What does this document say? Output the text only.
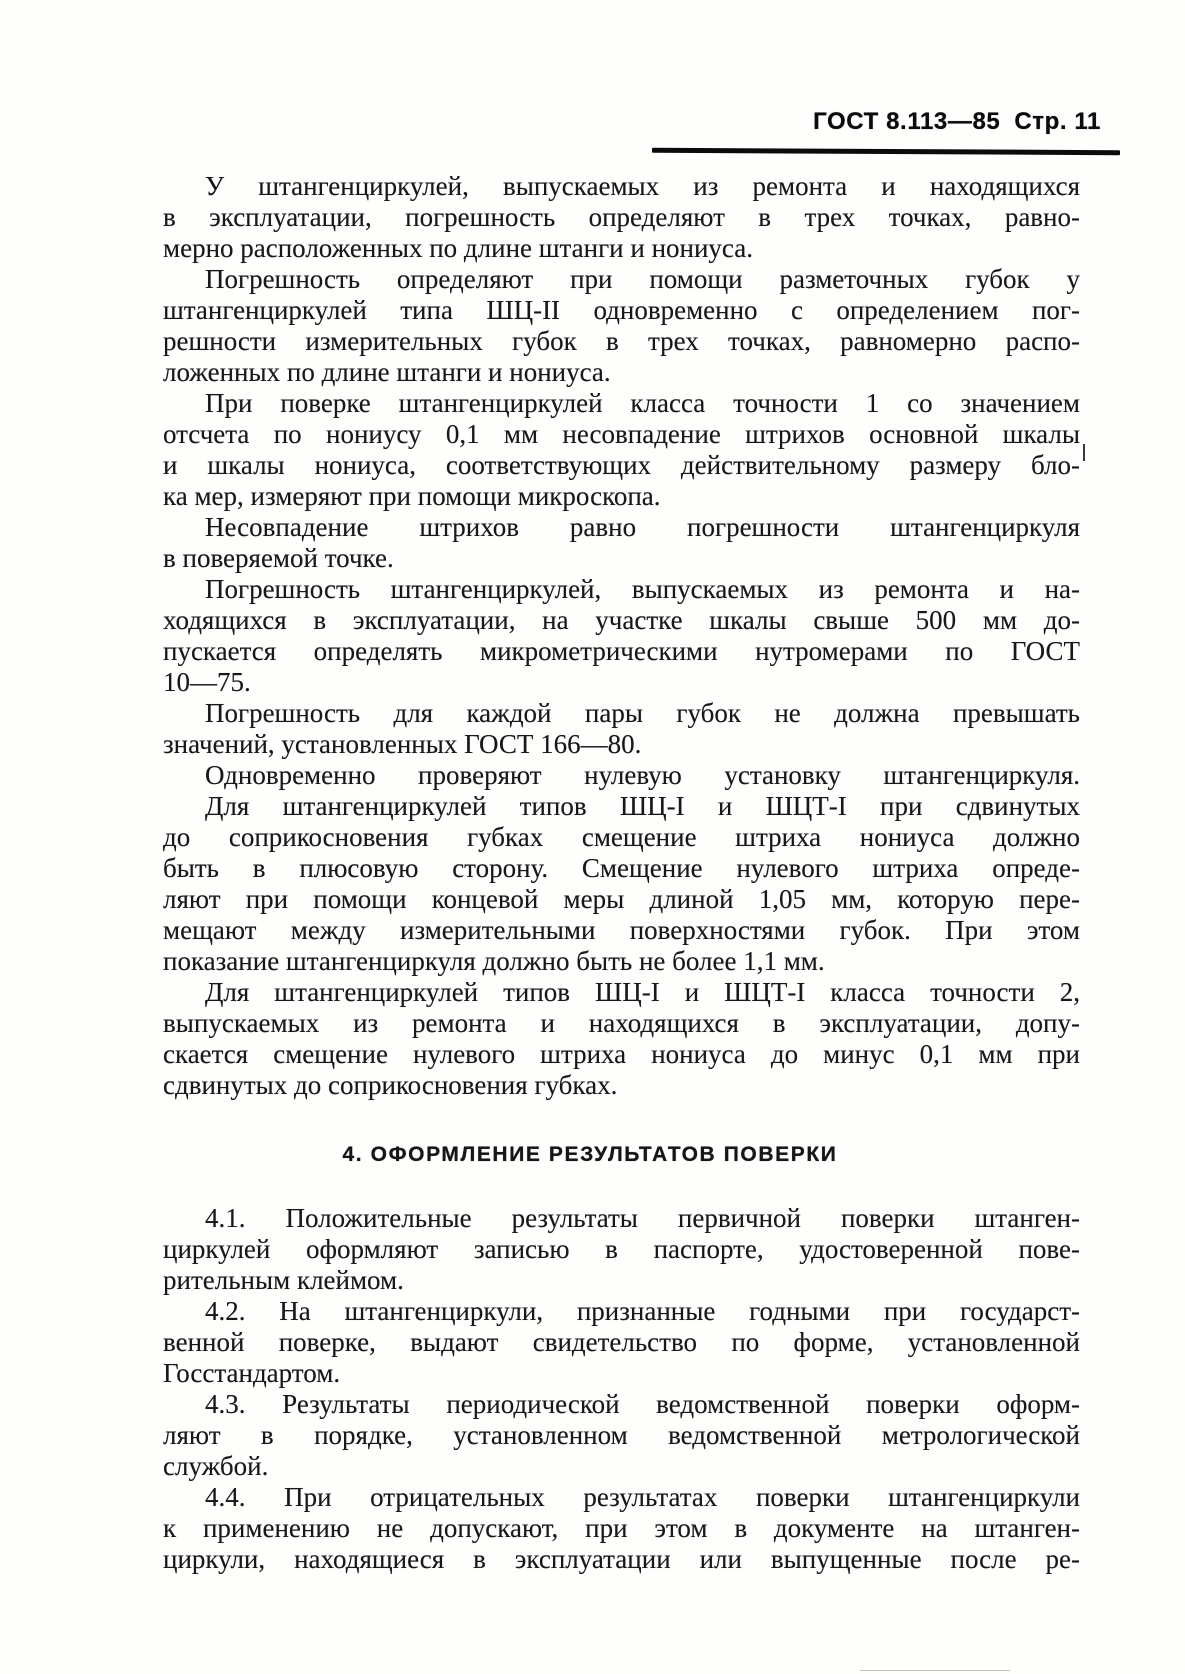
ГОСТ 8.113—85 Стр. 11
У штангенциркулей, выпускаемых из ремонта и находящихся
в эксплуатации, погрешность определяют в трех точках, равно-
мерно расположенных по длине штанги и нониуса.
Погрешность определяют при помощи разметочных губок у
штангенциркулей типа ШЦ-II одновременно с определением пог-
решности измерительных губок в трех точках, равномерно распо-
ложенных по длине штанги и нониуса.
При поверке штангенциркулей класса точности 1 со значением
отсчета по нониусу 0,1 мм несовпадение штрихов основной шкалы
и шкалы нониуса, соответствующих действительному размеру бло-
ка мер, измеряют при помощи микроскопа.
Несовпадение штрихов равно погрешности штангенциркуля
в поверяемой точке.
Погрешность штангенциркулей, выпускаемых из ремонта и на-
ходящихся в эксплуатации, на участке шкалы свыше 500 мм до-
пускается определять микрометрическими нутромерами по ГОСТ
10—75.
Погрешность для каждой пары губок не должна превышать
значений, установленных ГОСТ 166—80.
Одновременно проверяют нулевую установку штангенциркуля.
Для штангенциркулей типов ШЦ-I и ШЦТ-I при сдвинутых
до соприкосновения губках смещение штриха нониуса должно
быть в плюсовую сторону. Смещение нулевого штриха опреде-
ляют при помощи концевой меры длиной 1,05 мм, которую пере-
мещают между измерительными поверхностями губок. При этом
показание штангенциркуля должно быть не более 1,1 мм.
Для штангенциркулей типов ШЦ-I и ШЦТ-I класса точности 2,
выпускаемых из ремонта и находящихся в эксплуатации, допу-
скается смещение нулевого штриха нониуса до минус 0,1 мм при
сдвинутых до соприкосновения губках.
4. ОФОРМЛЕНИЕ РЕЗУЛЬТАТОВ ПОВЕРКИ
4.1. Положительные результаты первичной поверки штанген-
циркулей оформляют записью в паспорте, удостоверенной пове-
рительным клеймом.
4.2. На штангенциркули, признанные годными при государст-
венной поверке, выдают свидетельство по форме, установленной
Госстандартом.
4.3. Результаты периодической ведомственной поверки оформ-
ляют в порядке, установленном ведомственной метрологической
службой.
4.4. При отрицательных результатах поверки штангенциркули
к применению не допускают, при этом в документе на штанген-
циркули, находящиеся в эксплуатации или выпущенные после ре-
